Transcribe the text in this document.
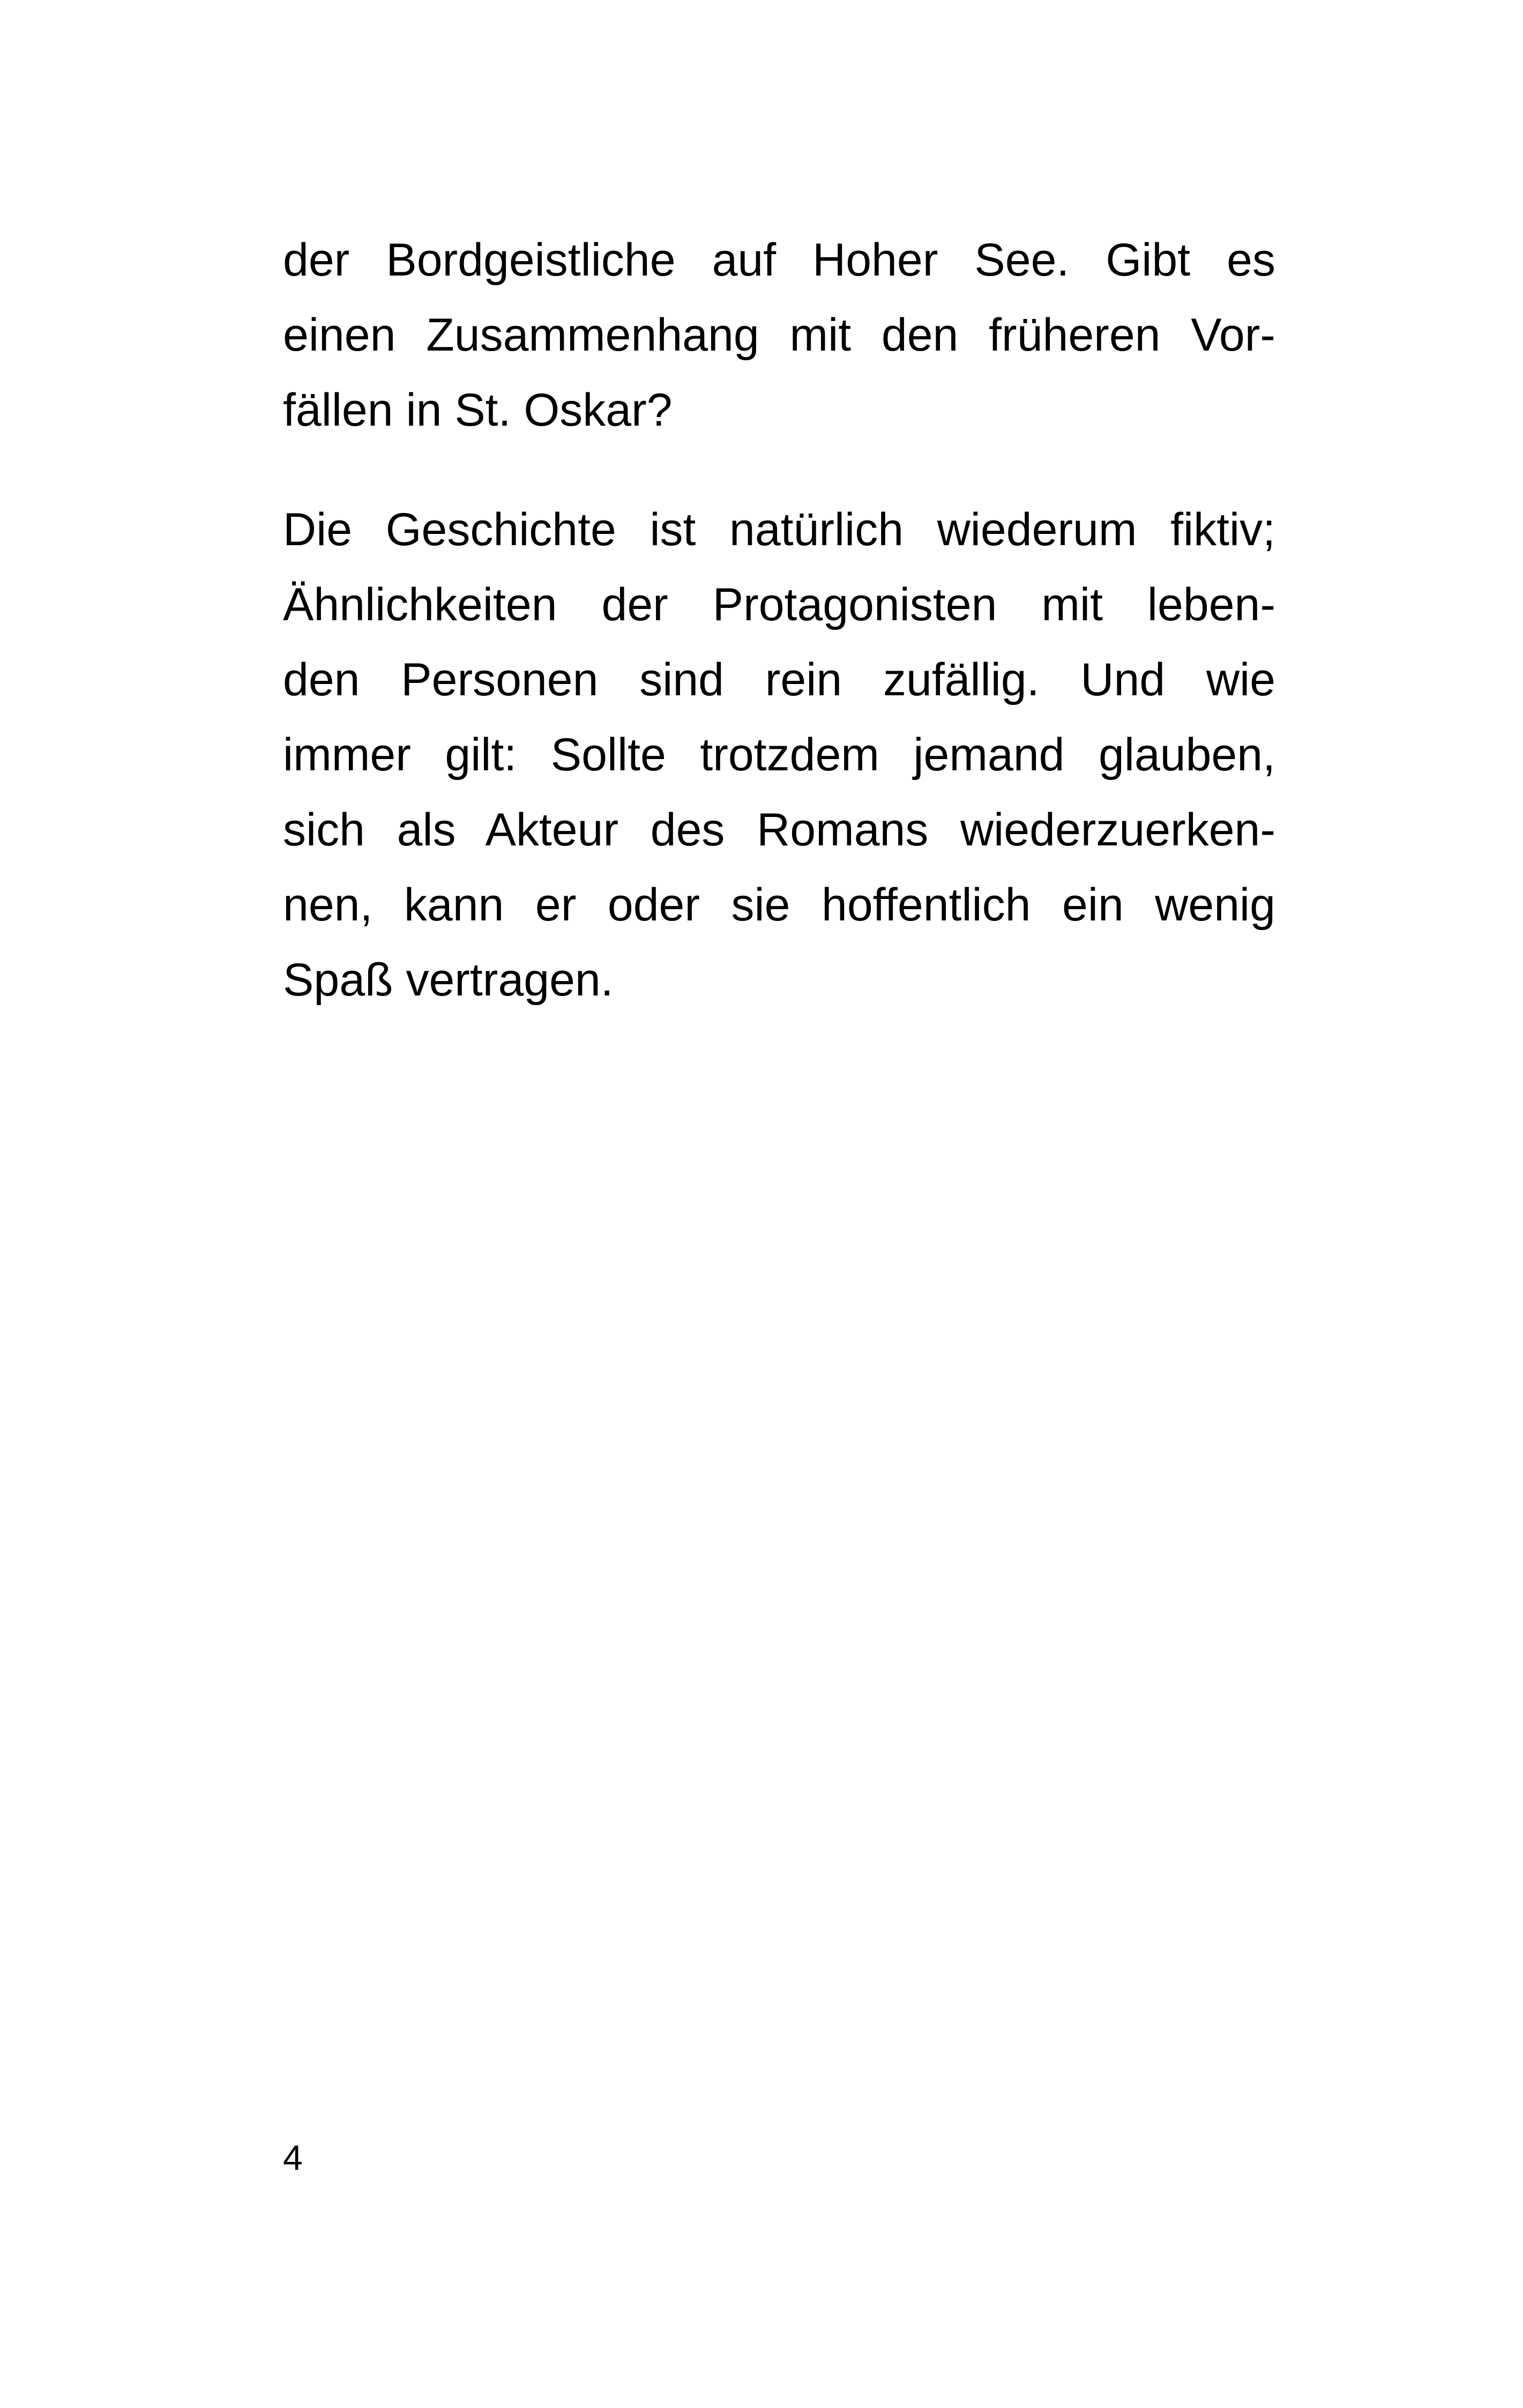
der Bordgeistliche auf Hoher See. Gibt es
einen Zusammenhang mit den früheren Vor-
fällen in St. Oskar?

Die Geschichte ist natürlich wiederum fiktiv;
Ähnlichkeiten der Protagonisten mit leben-
den Personen sind rein zufällig. Und wie
immer gilt: Sollte trotzdem jemand glauben,
sich als Akteur des Romans wiederzuerken-
nen, kann er oder sie hoffentlich ein wenig
Spaß vertragen.

4
